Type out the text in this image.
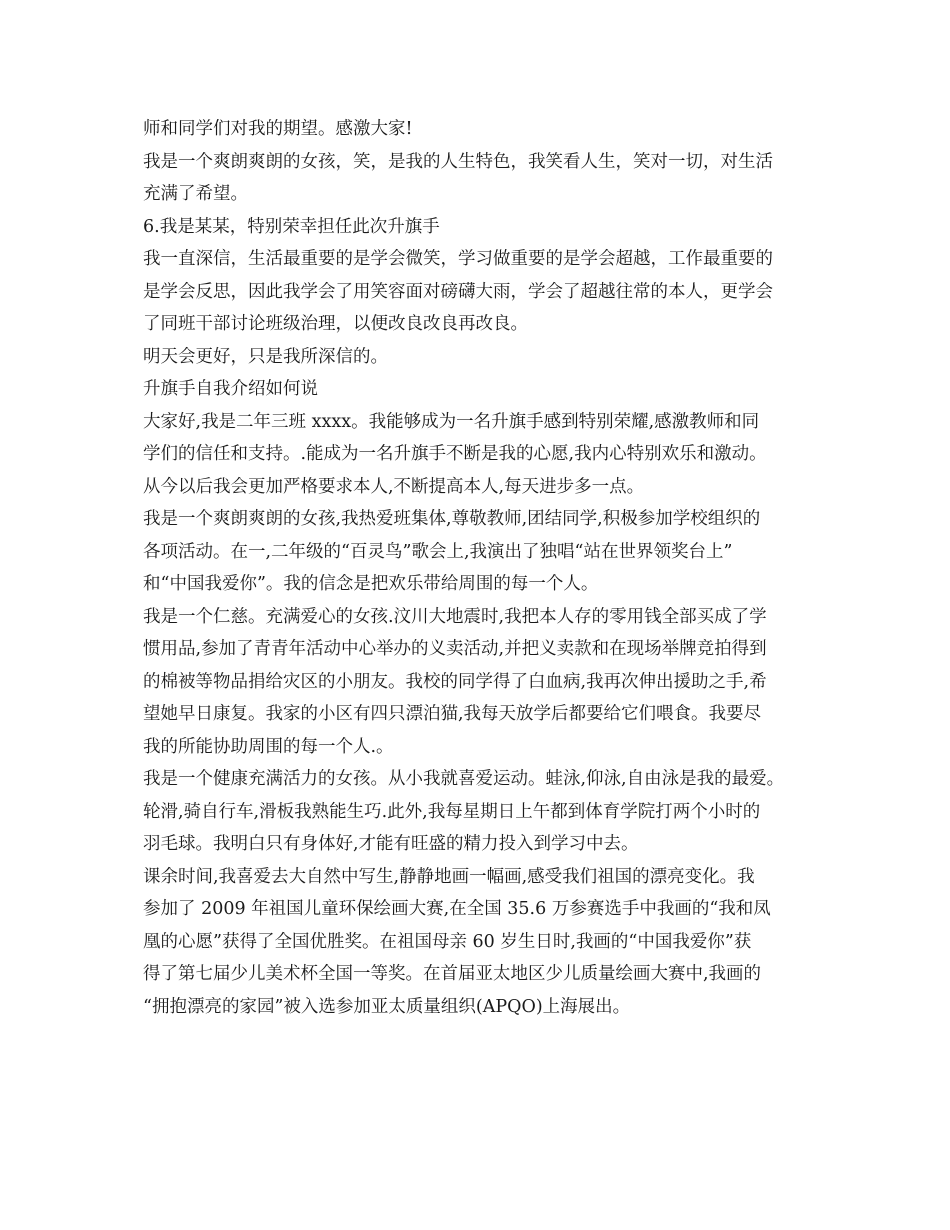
师和同学们对我的期望。感激大家!
我是一个爽朗爽朗的女孩，笑，是我的人生特色，我笑看人生，笑对一切，对生活
充满了希望。
6.我是某某，特别荣幸担任此次升旗手
我一直深信，生活最重要的是学会微笑，学习做重要的是学会超越，工作最重要的
是学会反思，因此我学会了用笑容面对磅礴大雨，学会了超越往常的本人，更学会
了同班干部讨论班级治理，以便改良改良再改良。
明天会更好，只是我所深信的。
升旗手自我介绍如何说
大家好,我是二年三班 xxxx。我能够成为一名升旗手感到特别荣耀,感激教师和同
学们的信任和支持。.能成为一名升旗手不断是我的心愿,我内心特别欢乐和激动。
从今以后我会更加严格要求本人,不断提高本人,每天进步多一点。
我是一个爽朗爽朗的女孩,我热爱班集体,尊敬教师,团结同学,积极参加学校组织的
各项活动。在一,二年级的“百灵鸟”歌会上,我演出了独唱“站在世界领奖台上”
和“中国我爱你”。我的信念是把欢乐带给周围的每一个人。
我是一个仁慈。充满爱心的女孩.汶川大地震时,我把本人存的零用钱全部买成了学
惯用品,参加了青青年活动中心举办的义卖活动,并把义卖款和在现场举牌竞拍得到
的棉被等物品捐给灾区的小朋友。我校的同学得了白血病,我再次伸出援助之手,希
望她早日康复。我家的小区有四只漂泊猫,我每天放学后都要给它们喂食。我要尽
我的所能协助周围的每一个人.。
我是一个健康充满活力的女孩。从小我就喜爱运动。蛙泳,仰泳,自由泳是我的最爱。
轮滑,骑自行车,滑板我熟能生巧.此外,我每星期日上午都到体育学院打两个小时的
羽毛球。我明白只有身体好,才能有旺盛的精力投入到学习中去。
课余时间,我喜爱去大自然中写生,静静地画一幅画,感受我们祖国的漂亮变化。我
参加了 2009 年祖国儿童环保绘画大赛,在全国 35.6 万参赛选手中我画的“我和凤
凰的心愿”获得了全国优胜奖。在祖国母亲 60 岁生日时,我画的“中国我爱你”获
得了第七届少儿美术杯全国一等奖。在首届亚太地区少儿质量绘画大赛中,我画的
“拥抱漂亮的家园”被入选参加亚太质量组织(APQO)上海展出。
